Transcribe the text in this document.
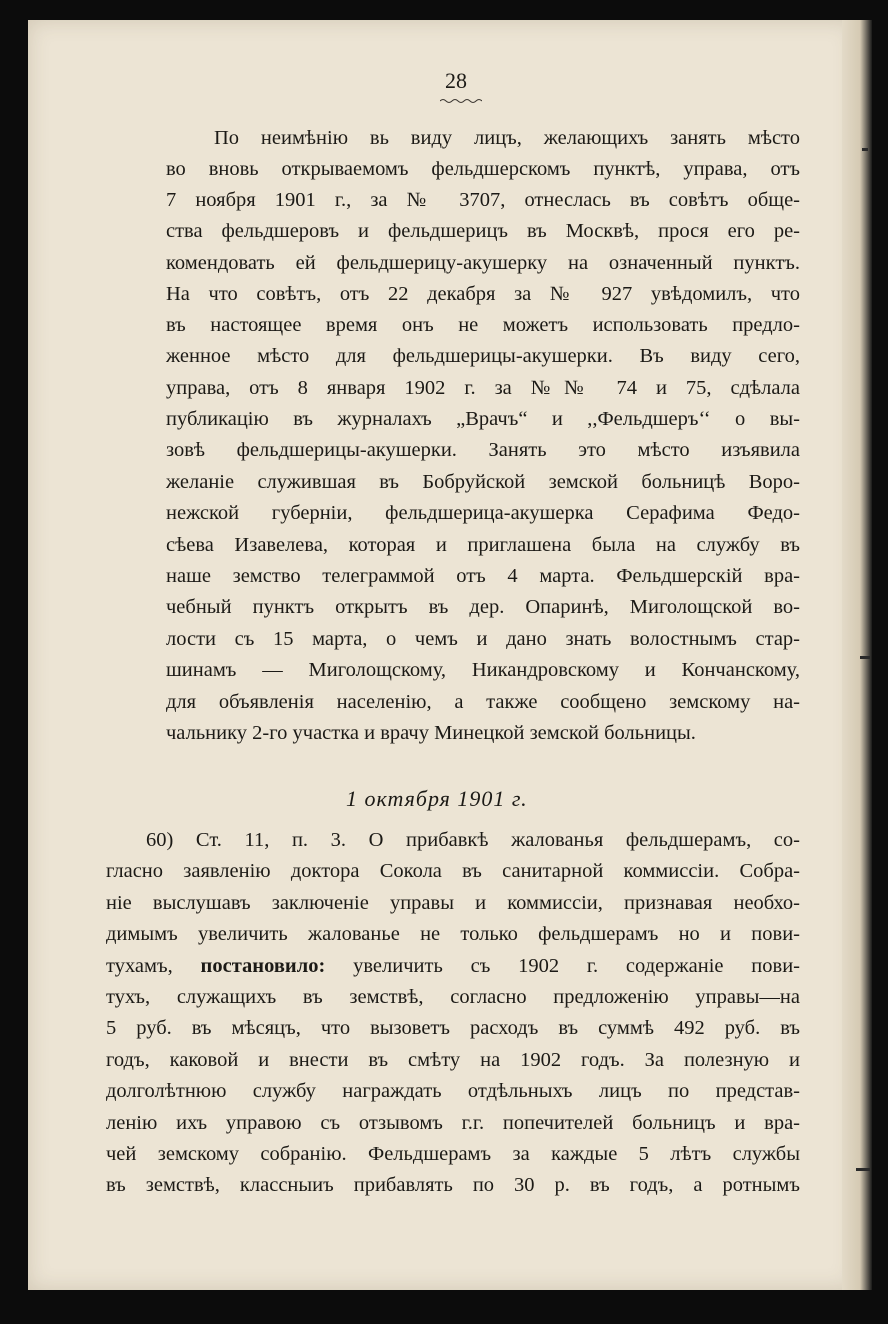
28
По неимѣнію вь виду лицъ, желающихъ занять мѣсто
во вновь открываемомъ фельдшерскомъ пунктѣ, управа, отъ
7 ноября 1901 г., за № 3707, отнеслась въ совѣтъ обще-
ства фельдшеровъ и фельдшерицъ въ Москвѣ, прося его ре-
комендовать ей фельдшерицу-акушерку на означенный пунктъ.
На что совѣтъ, отъ 22 декабря за № 927 увѣдомилъ, что
въ настоящее время онъ не можетъ использовать предло-
женное мѣсто для фельдшерицы-акушерки. Въ виду сего,
управа, отъ 8 января 1902 г. за №№ 74 и 75, сдѣлала
публикацію въ журналахъ „Врачъ“ и ,,Фельдшеръ‘‘ о вы-
зовѣ фельдшерицы-акушерки. Занять это мѣсто изъявила
желаніе служившая въ Бобруйской земской больницѣ Воро-
нежской губерніи, фельдшерица-акушерка Серафима Федо-
сѣева Изавелева, которая и приглашена была на службу въ
наше земство телеграммой отъ 4 марта. Фельдшерскій вра-
чебный пунктъ открытъ въ дер. Опаринѣ, Миголощской во-
лости съ 15 марта, о чемъ и дано знать волостнымъ стар-
шинамъ — Миголощскому, Никандровскому и Кончанскому,
для объявленія населенію, а также сообщено земскому на-
чальнику 2-го участка и врачу Минецкой земской больницы.
1 октября 1901 г.
60) Ст. 11, п. 3. О прибавкѣ жалованья фельдшерамъ, со-
гласно заявленію доктора Сокола въ санитарной коммиссіи. Собра-
ніе выслушавъ заключеніе управы и коммиссіи, признавая необхо-
димымъ увеличить жалованье не только фельдшерамъ но и пови-
тухамъ, постановило: увеличить съ 1902 г. содержаніе пови-
тухъ, служащихъ въ земствѣ, согласно предложенію управы—на
5 руб. въ мѣсяцъ, что вызоветъ расходъ въ суммѣ 492 руб. въ
годъ, каковой и внести въ смѣту на 1902 годъ. За полезную и
долголѣтнюю службу награждать отдѣльныхъ лицъ по представ-
ленію ихъ управою съ отзывомъ г.г. попечителей больницъ и вра-
чей земскому собранію. Фельдшерамъ за каждые 5 лѣтъ службы
въ земствѣ, классныиъ прибавлять по 30 р. въ годъ, а ротнымъ
